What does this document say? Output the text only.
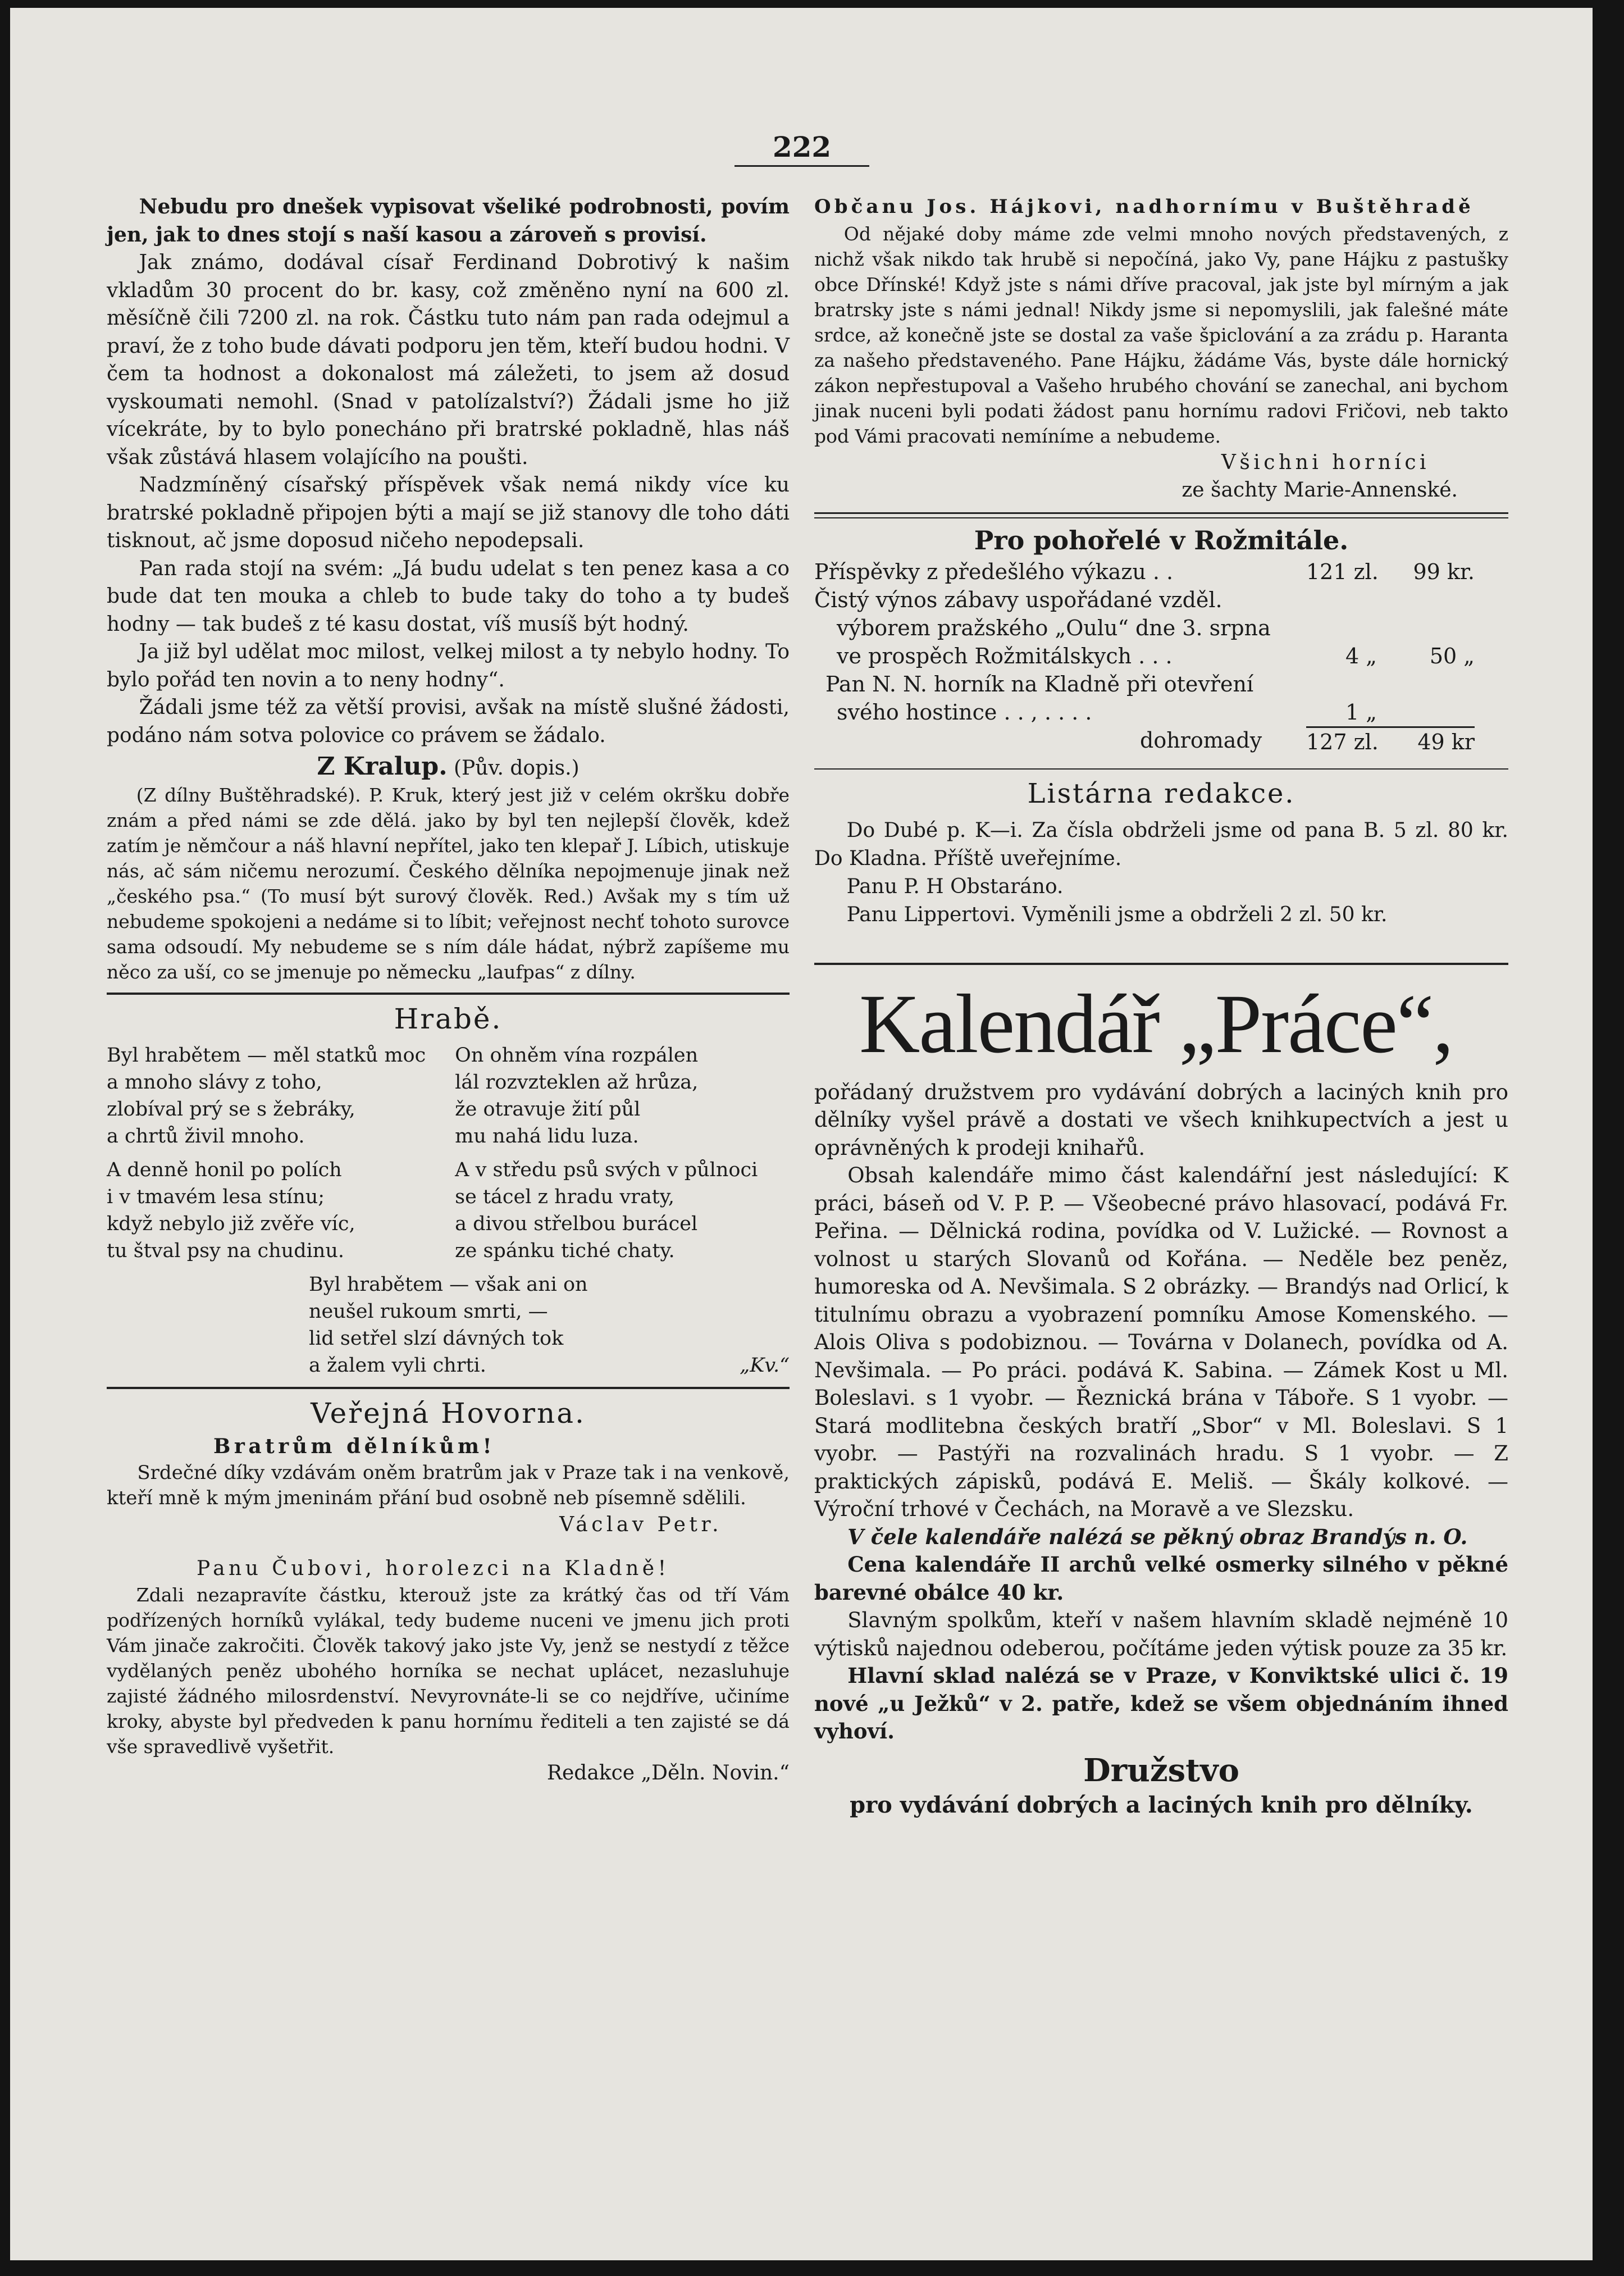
222

Nebudu pro dnešek vypisovat všeliké podrobnosti, povím jen, jak to dnes stojí s naší kasou a zároveň s provisí.

Jak známo, dodával císař Ferdinand Dobrotivý k našim vkladům 30 procent do br. kasy, což změněno nyní na 600 zl. měsíčně čili 7200 zl. na rok. Částku tuto nám pan rada odejmul a praví, že z toho bude dávati podporu jen těm, kteří budou hodni. V čem ta hodnost a dokonalost má záležeti, to jsem až dosud vyskoumati nemohl. (Snad v patolízalství?) Žádali jsme ho již vícekráte, by to bylo ponecháno při bratrské pokladně, hlas náš však zůstává hlasem volajícího na poušti.

Nadzmíněný císařský příspěvek však nemá nikdy více ku bratrské pokladně připojen býti a mají se již stanovy dle toho dáti tisknout, ač jsme doposud ničeho nepodepsali.

Pan rada stojí na svém: „Já budu udelat s ten penez kasa a co bude dat ten mouka a chleb to bude taky do toho a ty budeš hodny — tak budeš z té kasu dostat, víš musíš být hodný.

Ja již byl udělat moc milost, velkej milost a ty nebylo hodny. To bylo pořád ten novin a to neny hodny“.

Žádali jsme též za větší provisi, avšak na místě slušné žádosti, podáno nám sotva polovice co právem se žádalo.

Z Kralup. (Pův. dopis.)

(Z dílny Buštěhradské). P. Kruk, který jest již v celém okršku dobře znám a před námi se zde dělá. jako by byl ten nejlepší člověk, kdež zatím je němčour a náš hlavní nepřítel, jako ten klepař J. Líbich, utiskuje nás, ač sám ničemu nerozumí. Českého dělníka nepojmenuje jinak než „českého psa.“ (To musí být surový člověk. Red.) Avšak my s tím už nebudeme spokojeni a nedáme si to líbit; veřejnost nechť tohoto surovce sama odsoudí. My nebudeme se s ním dále hádat, nýbrž zapíšeme mu něco za uší, co se jmenuje po německu „laufpas“ z dílny.

Hrabě.
Byl hrabětem — měl statků moc
a mnoho slávy z toho,
zlobíval prý se s žebráky,
a chrtů živil mnoho.
A denně honil po polích
i v tmavém lesa stínu;
když nebylo již zvěře víc,
tu štval psy na chudinu.
On ohněm vína rozpálen
lál rozvzteklen až hrůza,
že otravuje žití půl
mu nahá lidu luza.
A v středu psů svých v půlnoci
se tácel z hradu vraty,
a divou střelbou burácel
ze spánku tiché chaty.
Byl hrabětem — však ani on
neušel rukoum smrti, —
lid setřel slzí dávných tok
a žalem vyli chrti.	„Kv.“
Veřejná Hovorna.
Bratrům dělníkům!

Srdečné díky vzdávám oněm bratrům jak v Praze tak i na venkově, kteří mně k mým jmeninám přání bud osobně neb písemně sdělili.

Václav Petr.
Panu Čubovi, horolezci na Kladně!

Zdali nezapravíte částku, kterouž jste za krátký čas od tří Vám podřízených horníků vylákal, tedy budeme nuceni ve jmenu jich proti Vám jinače zakročiti. Člověk takový jako jste Vy, jenž se nestydí z těžce vydělaných peněz ubohého horníka se nechat uplácet, nezasluhuje zajisté žádného milosrdenství. Nevyrovnáte-li se co nejdříve, učiníme kroky, abyste byl předveden k panu hornímu řediteli a ten zajisté se dá vše spravedlivě vyšetřit.

Redakce „Děln. Novin.“
Občanu Jos. Hájkovi, nadhornímu v Buštěhradě

Od nějaké doby máme zde velmi mnoho nových představených, z nichž však nikdo tak hrubě si nepočíná, jako Vy, pane Hájku z pastušky obce Dřínské! Když jste s námi dříve pracoval, jak jste byl mírným a jak bratrsky jste s námi jednal! Nikdy jsme si nepomyslili, jak falešné máte srdce, až konečně jste se dostal za vaše špiclování a za zrádu p. Haranta za našeho představeného. Pane Hájku, žádáme Vás, byste dále hornický zákon nepřestupoval a Vašeho hrubého chování se zanechal, ani bychom jinak nuceni byli podati žádost panu hornímu radovi Fričovi, neb takto pod Vámi pracovati nemíníme a nebudeme.

Všichni horníci
ze šachty Marie-Annenské.
Pro pohořelé v Rožmitále.
Příspěvky z předešlého výkazu . .	121 zl. 99 kr.
Čistý výnos zábavy uspořádané vzděl.
výborem pražského „Oulu“ dne 3. srpna
ve prospěch Rožmitálskych . . .	4 „ 50 „
Pan N. N. horník na Kladně při otevření
svého hostince . . , . . . .	1 „
dohromady 127 zl. 49 kr
Listárna redakce.

Do Dubé p. K—i. Za čísla obdrželi jsme od pana B. 5 zl. 80 kr. Do Kladna. Příště uveřejníme.

Panu P. H Obstaráno.

Panu Lippertovi. Vyměnili jsme a obdrželi 2 zl. 50 kr.

Kalendář „Práce“,

pořádaný družstvem pro vydávání dobrých a laciných knih pro dělníky vyšel právě a dostati ve všech knihkupectvích a jest u oprávněných k prodeji knihařů.

Obsah kalendáře mimo část kalendářní jest následující: K práci, báseň od V. P. P. — Všeobecné právo hlasovací, podává Fr. Peřina. — Dělnická rodina, povídka od V. Lužické. — Rovnost a volnost u starých Slovanů od Kořána. — Neděle bez peněz, humoreska od A. Nevšimala. S 2 obrázky. — Brandýs nad Orlicí, k titulnímu obrazu a vyobrazení pomníku Amose Komenského. — Alois Oliva s podobiznou. — Továrna v Dolanech, povídka od A. Nevšimala. — Po práci. podává K. Sabina. — Zámek Kost u Ml. Boleslavi. s 1 vyobr. — Řeznická brána v Táboře. S 1 vyobr. — Stará modlitebna českých bratří „Sbor“ v Ml. Boleslavi. S 1 vyobr. — Pastýři na rozvalinách hradu. S 1 vyobr. — Z praktických zápisků, podává E. Meliš. — Škály kolkové. — Výroční trhové v Čechách, na Moravě a ve Slezsku.

V čele kalendáře nalézá se pěkný obraz Brandýs n. O.

Cena kalendáře II archů velké osmerky silného v pěkné barevné obálce 40 kr.

Slavným spolkům, kteří v našem hlavním skladě nejméně 10 výtisků najednou odeberou, počítáme jeden výtisk pouze za 35 kr.

Hlavní sklad nalézá se v Praze, v Konviktské ulici č. 19 nové „u Ježků“ v 2. patře, kdež se všem objednáním ihned vyhoví.

Družstvo
pro vydávání dobrých a laciných knih pro dělníky.
